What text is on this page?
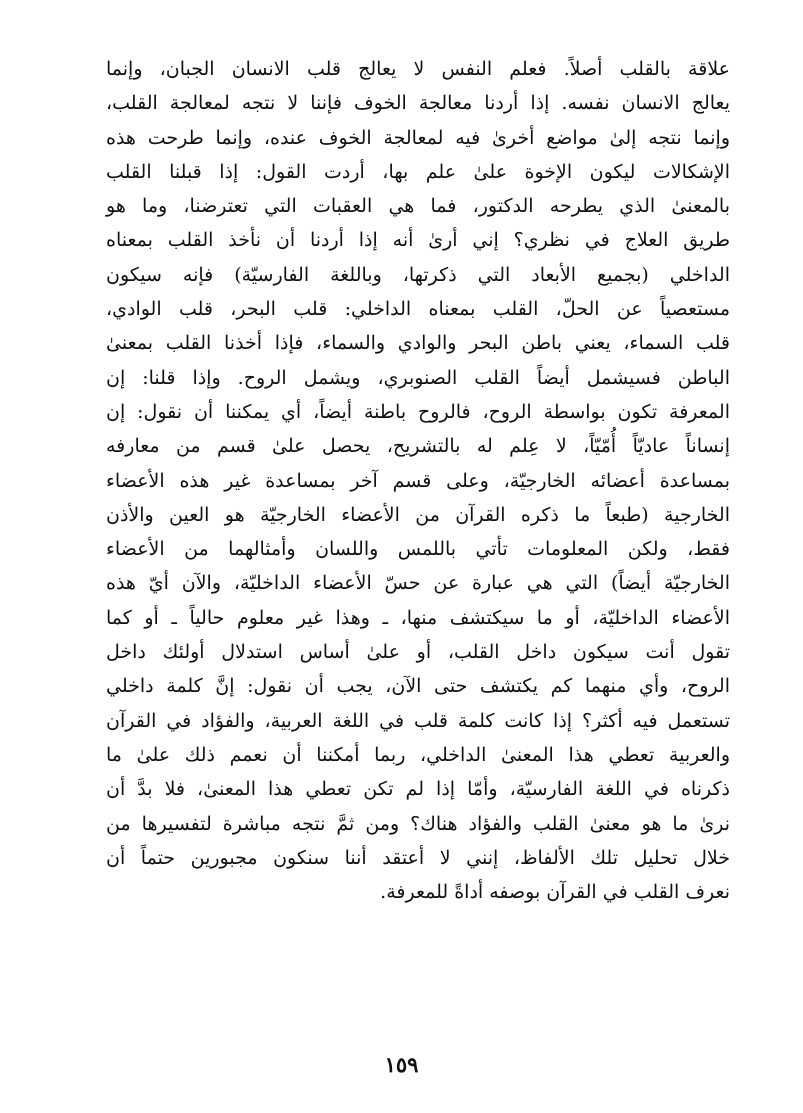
علاقة بالقلب أصلاً. فعلم النفس لا يعالج قلب الانسان الجبان، وإنما
يعالج الانسان نفسه. إذا أردنا معالجة الخوف فإننا لا نتجه لمعالجة القلب،
وإنما نتجه إلىٰ مواضع أخرىٰ فيه لمعالجة الخوف عنده، وإنما طرحت هذه
الإشكالات ليكون الإخوة علىٰ علم بها، أردت القول: إذا قبلنا القلب
بالمعنىٰ الذي يطرحه الدكتور، فما هي العقبات التي تعترضنا، وما هو
طريق العلاج في نظري؟ إني أرىٰ أنه إذا أردنا أن نأخذ القلب بمعناه
الداخلي (بجميع الأبعاد التي ذكرتها، وباللغة الفارسيّة) فإنه سيكون
مستعصياً عن الحلّ، القلب بمعناه الداخلي: قلب البحر، قلب الوادي،
قلب السماء، يعني باطن البحر والوادي والسماء، فإذا أخذنا القلب بمعنىٰ
الباطن فسيشمل أيضاً القلب الصنوبري، ويشمل الروح. وإذا قلنا: إن
المعرفة تكون بواسطة الروح، فالروح باطنة أيضاً، أي يمكننا أن نقول: إن
إنساناً عاديّاً أُمّيّاً، لا عِلم له بالتشريح، يحصل علىٰ قسم من معارفه
بمساعدة أعضائه الخارجيّة، وعلى قسم آخر بمساعدة غير هذه الأعضاء
الخارجية (طبعاً ما ذكره القرآن من الأعضاء الخارجيّة هو العين والأذن
فقط، ولكن المعلومات تأتي باللمس واللسان وأمثالهما من الأعضاء
الخارجيّة أيضاً) التي هي عبارة عن حسّ الأعضاء الداخليّة، والآن أيّ هذه
الأعضاء الداخليّة، أو ما سيكتشف منها، ـ وهذا غير معلوم حالياً ـ أو كما
تقول أنت سيكون داخل القلب، أو علىٰ أساس استدلال أولئك داخل
الروح، وأي منهما كم يكتشف حتى الآن، يجب أن نقول: إنَّ كلمة داخلي
تستعمل فيه أكثر؟ إذا كانت كلمة قلب في اللغة العربية، والفؤاد في القرآن
والعربية تعطي هذا المعنىٰ الداخلي، ربما أمكننا أن نعمم ذلك علىٰ ما
ذكرناه في اللغة الفارسيّة، وأمّا إذا لم تكن تعطي هذا المعنىٰ، فلا بدَّ أن
نرىٰ ما هو معنىٰ القلب والفؤاد هناك؟ ومن ثمَّ نتجه مباشرة لتفسيرها من
خلال تحليل تلك الألفاظ، إنني لا أعتقد أننا سنكون مجبورين حتماً أن
نعرف القلب في القرآن بوصفه أداةً للمعرفة.
١٥٩
